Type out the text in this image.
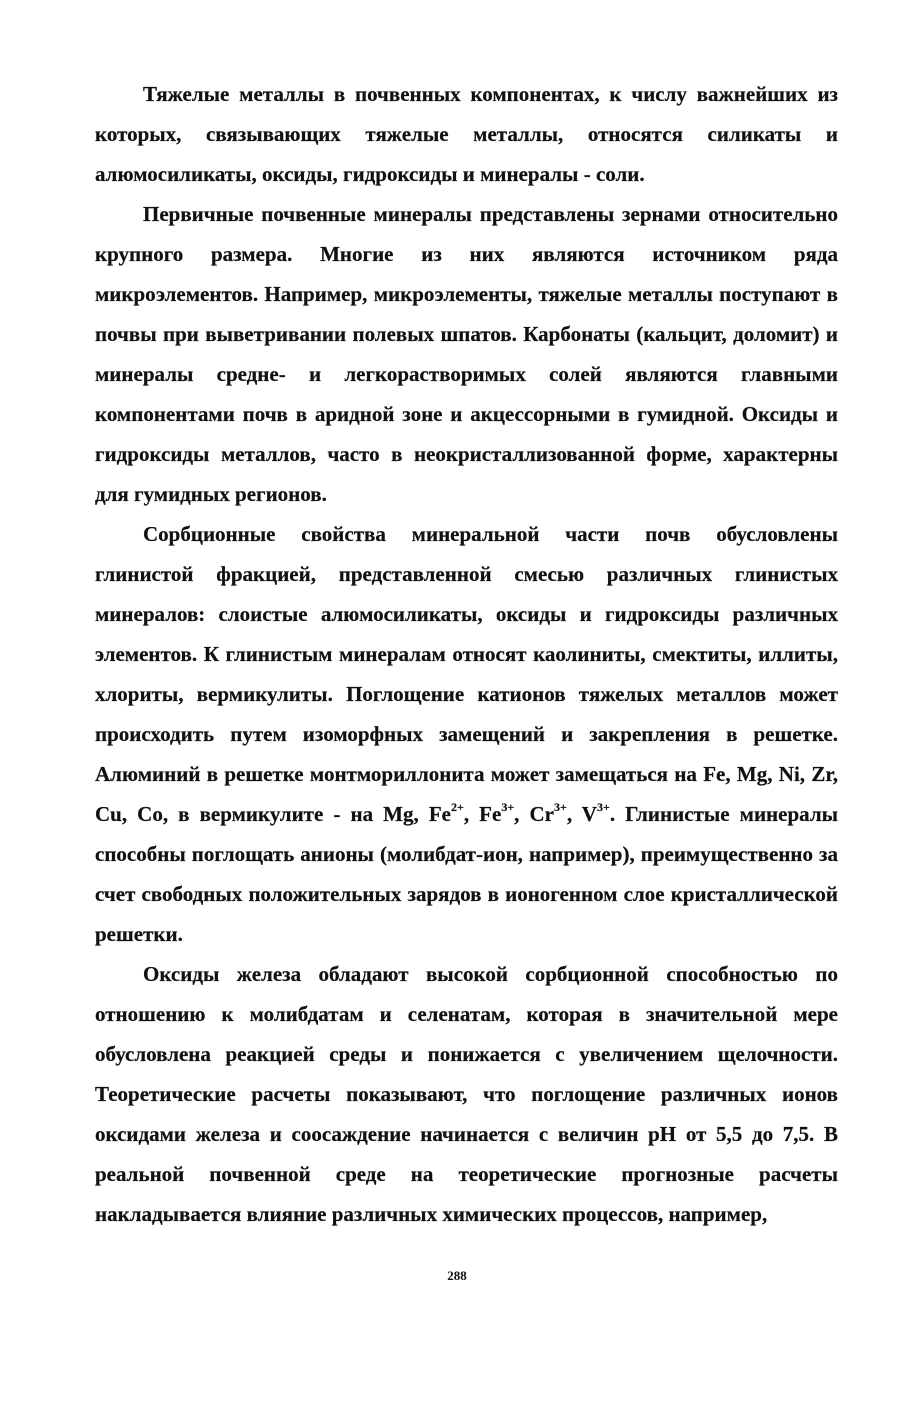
Тяжелые металлы в почвенных компонентах, к числу важнейших из которых, связывающих тяжелые металлы, относятся силикаты и алюмосиликаты, оксиды, гидроксиды и минералы - соли.

Первичные почвенные минералы представлены зернами относительно крупного размера. Многие из них являются источником ряда микроэлементов. Например, микроэлементы, тяжелые металлы поступают в почвы при выветривании полевых шпатов. Карбонаты (кальцит, доломит) и минералы средне- и легкорастворимых солей являются главными компонентами почв в аридной зоне и акцессорными в гумидной. Оксиды и гидроксиды металлов, часто в неокристаллизованной форме, характерны для гумидных регионов.

Сорбционные свойства минеральной части почв обусловлены глинистой фракцией, представленной смесью различных глинистых минералов: слоистые алюмосиликаты, оксиды и гидроксиды различных элементов. К глинистым минералам относят каолиниты, смектиты, иллиты, хлориты, вермикулиты. Поглощение катионов тяжелых металлов может происходить путем изоморфных замещений и закрепления в решетке. Алюминий в решетке монтмориллонита может замещаться на Fe, Mg, Ni, Zr, Cu, Co, в вермикулите - на Mg, $Fe^{2+}$, $Fe^{3+}$, $Cr^{3+}$, $V^{3+}$. Глинистые минералы способны поглощать анионы (молибдат-ион, например), преимущественно за счет свободных положительных зарядов в ионогенном слое кристаллической решетки.

Оксиды железа обладают высокой сорбционной способностью по отношению к молибдатам и селенатам, которая в значительной мере обусловлена реакцией среды и понижается с увеличением щелочности. Теоретические расчеты показывают, что поглощение различных ионов оксидами железа и соосаждение начинается с величин pH от 5,5 до 7,5. В реальной почвенной среде на теоретические прогнозные расчеты накладывается влияние различных химических процессов, например,

288
